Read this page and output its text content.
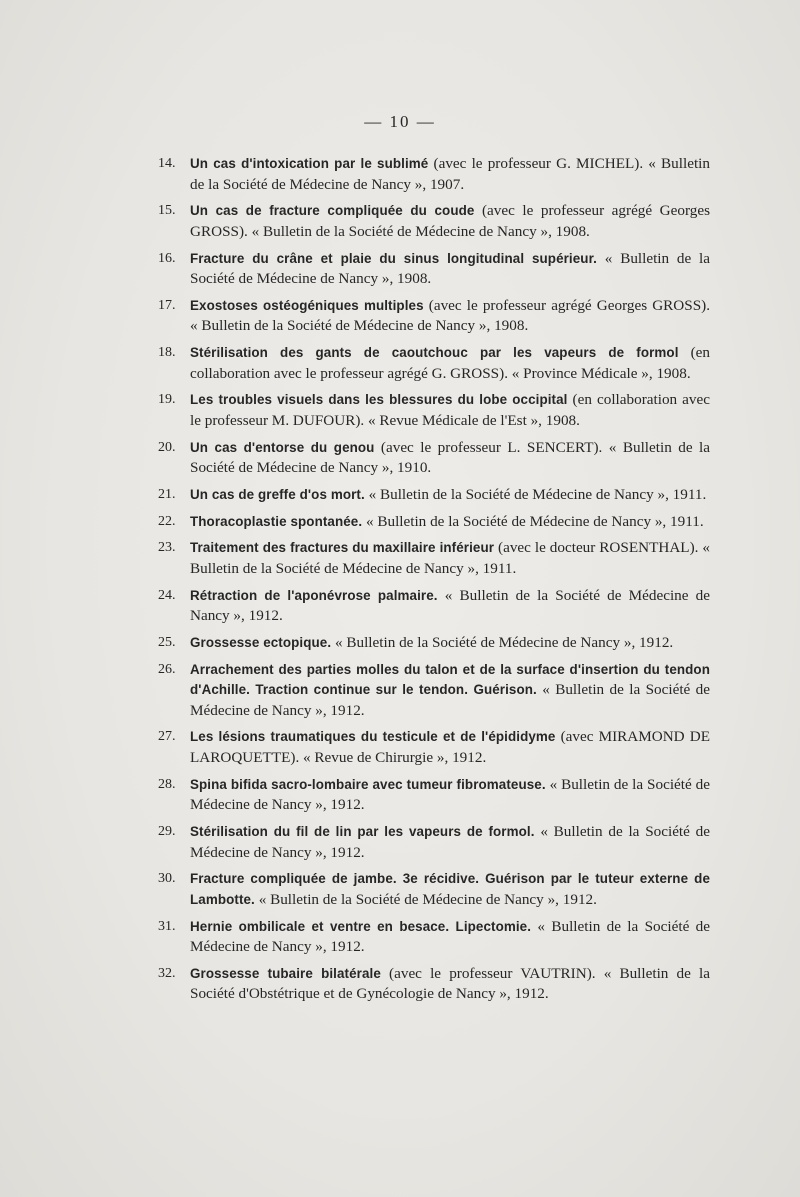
— 10 —
14.	Un cas d'intoxication par le sublimé (avec le professeur G. MICHEL). « Bulletin de la Société de Médecine de Nancy », 1907.
15.	Un cas de fracture compliquée du coude (avec le professeur agrégé Georges GROSS). « Bulletin de la Société de Médecine de Nancy », 1908.
16.	Fracture du crâne et plaie du sinus longitudinal supérieur. « Bulletin de la Société de Médecine de Nancy », 1908.
17.	Exostoses ostéogéniques multiples (avec le professeur agrégé Georges GROSS). « Bulletin de la Société de Médecine de Nancy », 1908.
18.	Stérilisation des gants de caoutchouc par les vapeurs de formol (en collaboration avec le professeur agrégé G. GROSS). « Province Médicale », 1908.
19.	Les troubles visuels dans les blessures du lobe occipital (en collaboration avec le professeur M. DUFOUR). « Revue Médicale de l'Est », 1908.
20.	Un cas d'entorse du genou (avec le professeur L. SENCERT). « Bulletin de la Société de Médecine de Nancy », 1910.
21.	Un cas de greffe d'os mort. « Bulletin de la Société de Médecine de Nancy », 1911.
22.	Thoracoplastie spontanée. « Bulletin de la Société de Médecine de Nancy », 1911.
23.	Traitement des fractures du maxillaire inférieur (avec le docteur ROSENTHAL). « Bulletin de la Société de Médecine de Nancy », 1911.
24.	Rétraction de l'aponévrose palmaire. « Bulletin de la Société de Médecine de Nancy », 1912.
25.	Grossesse ectopique. « Bulletin de la Société de Médecine de Nancy », 1912.
26.	Arrachement des parties molles du talon et de la surface d'insertion du tendon d'Achille. Traction continue sur le tendon. Guérison. « Bulletin de la Société de Médecine de Nancy », 1912.
27.	Les lésions traumatiques du testicule et de l'épididyme (avec MIRAMOND DE LAROQUETTE). « Revue de Chirurgie », 1912.
28.	Spina bifida sacro-lombaire avec tumeur fibromateuse. « Bulletin de la Société de Médecine de Nancy », 1912.
29.	Stérilisation du fil de lin par les vapeurs de formol. « Bulletin de la Société de Médecine de Nancy », 1912.
30.	Fracture compliquée de jambe. 3e récidive. Guérison par le tuteur externe de Lambotte. « Bulletin de la Société de Médecine de Nancy », 1912.
31.	Hernie ombilicale et ventre en besace. Lipectomie. « Bulletin de la Société de Médecine de Nancy », 1912.
32.	Grossesse tubaire bilatérale (avec le professeur VAUTRIN). « Bulletin de la Société d'Obstétrique et de Gynécologie de Nancy », 1912.
